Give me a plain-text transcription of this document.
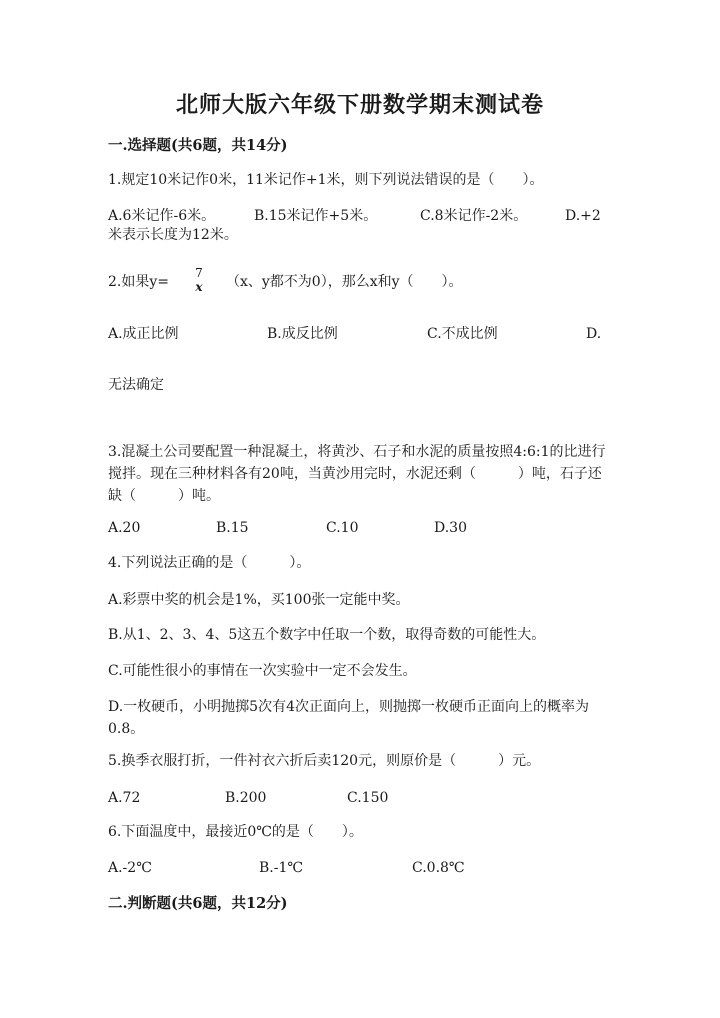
北师大版六年级下册数学期末测试卷
一.选择题(共6题，共14分)
1.规定10米记作0米，11米记作+1米，则下列说法错误的是（　　）。
A.6米记作-6米。	B.15米记作+5米。	C.8米记作-2米。	D.+2
米表示长度为12米。
2.如果y=
7
x （x、y都不为0），那么x和y（　　）。
A.成正比例	B.成反比例	C.不成比例	D.
无法确定
3.混凝土公司要配置一种混凝土，将黄沙、石子和水泥的质量按照4:6:1的比进行搅拌。现在三种材料各有20吨，当黄沙用完时，水泥还剩（　　　）吨，石子还缺（　　　）吨。
A.20	B.15	C.10	D.30
4.下列说法正确的是（　　　）。
A.彩票中奖的机会是1%，买100张一定能中奖。
B.从1、2、3、4、5这五个数字中任取一个数，取得奇数的可能性大。
C.可能性很小的事情在一次实验中一定不会发生。
D.一枚硬币，小明抛掷5次有4次正面向上，则抛掷一枚硬币正面向上的概率为0.8。
5.换季衣服打折，一件衬衣六折后卖120元，则原价是（　　　）元。
A.72	B.200	C.150
6.下面温度中，最接近0℃的是（　　）。
A.-2℃	B.-1℃	C.0.8℃
二.判断题(共6题，共12分)
